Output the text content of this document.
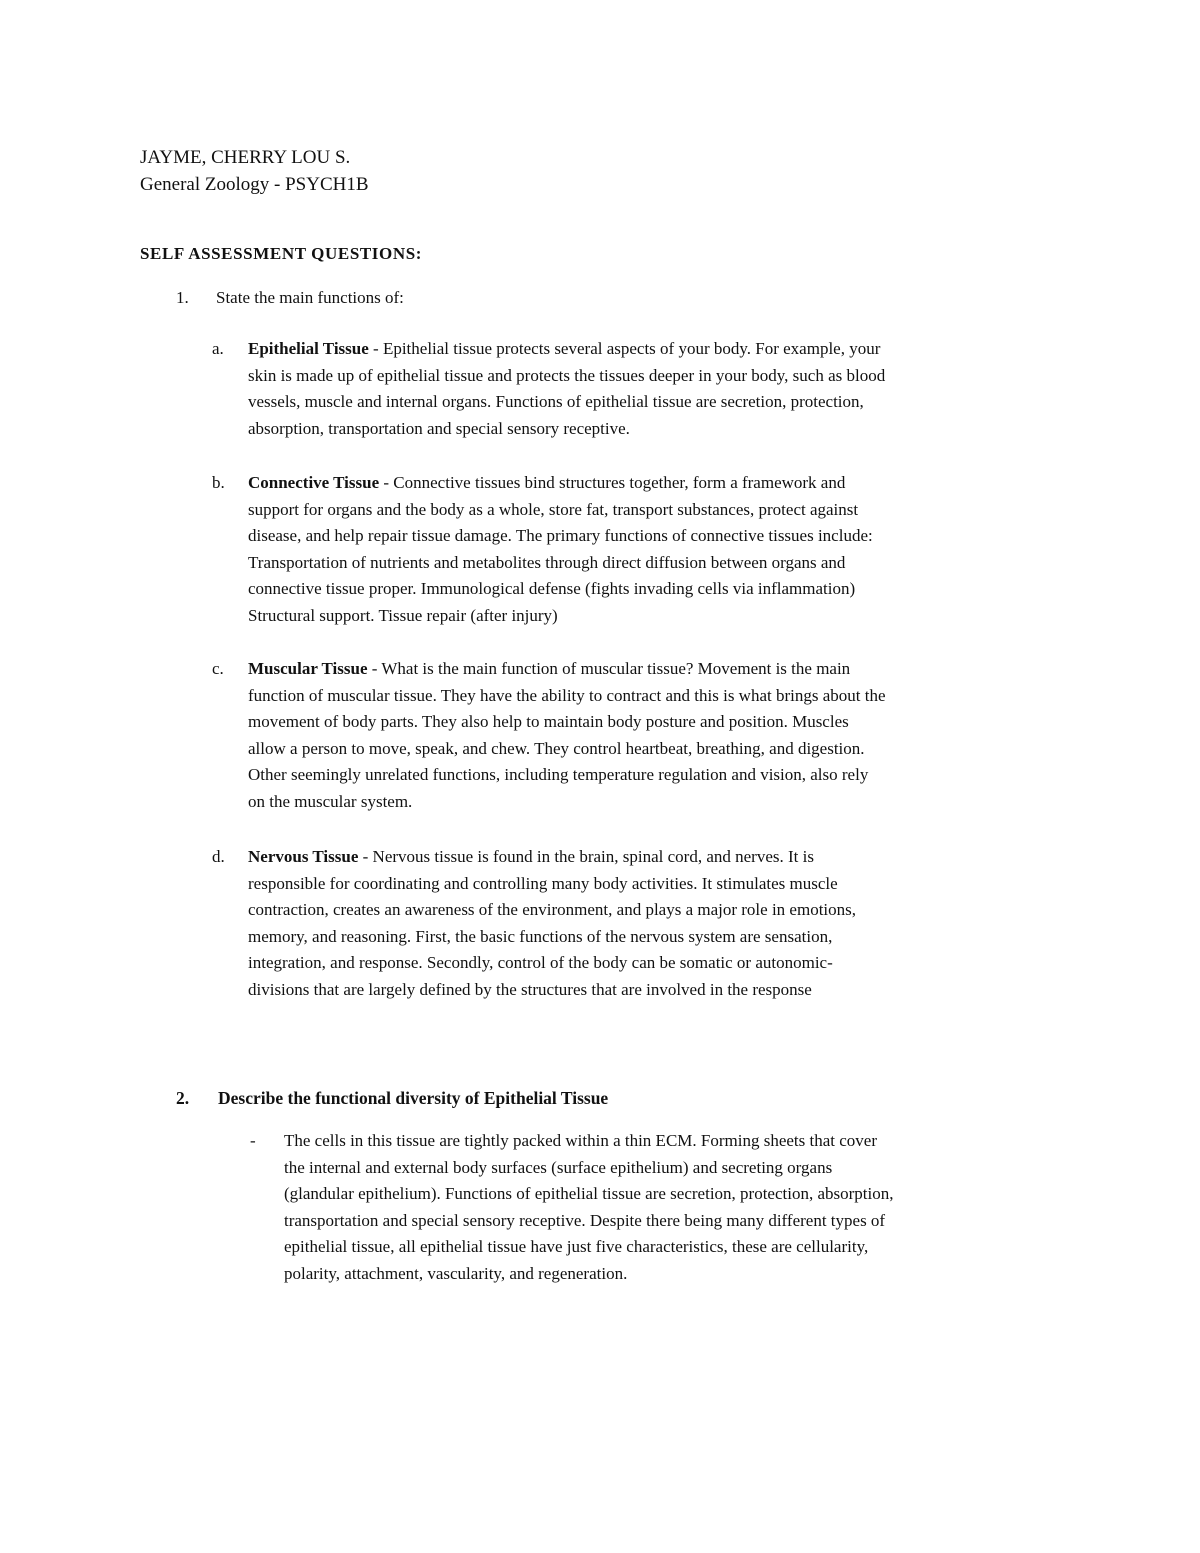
JAYME, CHERRY LOU S.

General Zoology - PSYCH1B

SELF ASSESSMENT QUESTIONS:

1. State the main functions of:
a. Epithelial Tissue - Epithelial tissue protects several aspects of your body. For example, your
skin is made up of epithelial tissue and protects the tissues deeper in your body, such as blood
vessels, muscle and internal organs. Functions of epithelial tissue are secretion, protection,
absorption, transportation and special sensory receptive.
b. Connective Tissue - Connective tissues bind structures together, form a framework and
support for organs and the body as a whole, store fat, transport substances, protect against
disease, and help repair tissue damage. The primary functions of connective tissues include:
Transportation of nutrients and metabolites through direct diffusion between organs and
connective tissue proper. Immunological defense (fights invading cells via inflammation)
Structural support. Tissue repair (after injury)
c. Muscular Tissue - What is the main function of muscular tissue? Movement is the main
function of muscular tissue. They have the ability to contract and this is what brings about the
movement of body parts. They also help to maintain body posture and position. Muscles
allow a person to move, speak, and chew. They control heartbeat, breathing, and digestion.
Other seemingly unrelated functions, including temperature regulation and vision, also rely
on the muscular system.
d. Nervous Tissue - Nervous tissue is found in the brain, spinal cord, and nerves. It is
responsible for coordinating and controlling many body activities. It stimulates muscle
contraction, creates an awareness of the environment, and plays a major role in emotions,
memory, and reasoning. First, the basic functions of the nervous system are sensation,
integration, and response. Secondly, control of the body can be somatic or autonomic-
divisions that are largely defined by the structures that are involved in the response
2. Describe the functional diversity of Epithelial Tissue
- The cells in this tissue are tightly packed within a thin ECM. Forming sheets that cover
the internal and external body surfaces (surface epithelium) and secreting organs
(glandular epithelium). Functions of epithelial tissue are secretion, protection, absorption,
transportation and special sensory receptive. Despite there being many different types of
epithelial tissue, all epithelial tissue have just five characteristics, these are cellularity,
polarity, attachment, vascularity, and regeneration.
